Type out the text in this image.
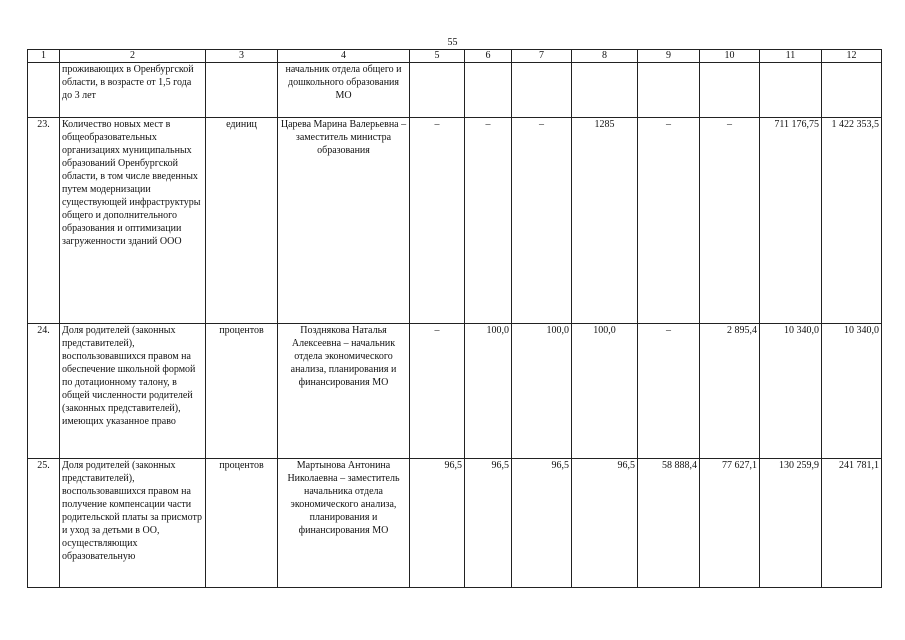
55
1	2	3	4	5	6	7	8	9	10	11	12
	проживающих в Оренбургской области, в возрасте от 1,5 года до 3 лет		начальник отдела общего и дошкольного образования МО								
23.	Количество новых мест в общеобразовательных организациях муниципальных образований Оренбургской области, в том числе введенных путем модернизации существующей инфраструктуры общего и дополнительного образования и оптимизации загруженности зданий ООО	единиц	Царева Марина Валерьевна – заместитель министра образования	–	–	–	1285	–	–	711 176,75	1 422 353,5
24.	Доля родителей (законных представителей), воспользовавшихся правом на обеспечение школьной формой по дотационному талону, в общей численности родителей (законных представителей), имеющих указанное право	процентов	Позднякова Наталья Алексеевна – начальник отдела экономического анализа, планирования и финансирования МО	–	100,0	100,0	100,0	–	2 895,4	10 340,0	10 340,0
25.	Доля родителей (законных представителей), воспользовавшихся правом на получение компенсации части родительской платы за присмотр и уход за детьми в ОО, осуществляющих образовательную	процентов	Мартынова Антонина Николаевна – заместитель начальника отдела экономического анализа, планирования и финансирования МО	96,5	96,5	96,5	96,5	58 888,4	77 627,1	130 259,9	241 781,1
